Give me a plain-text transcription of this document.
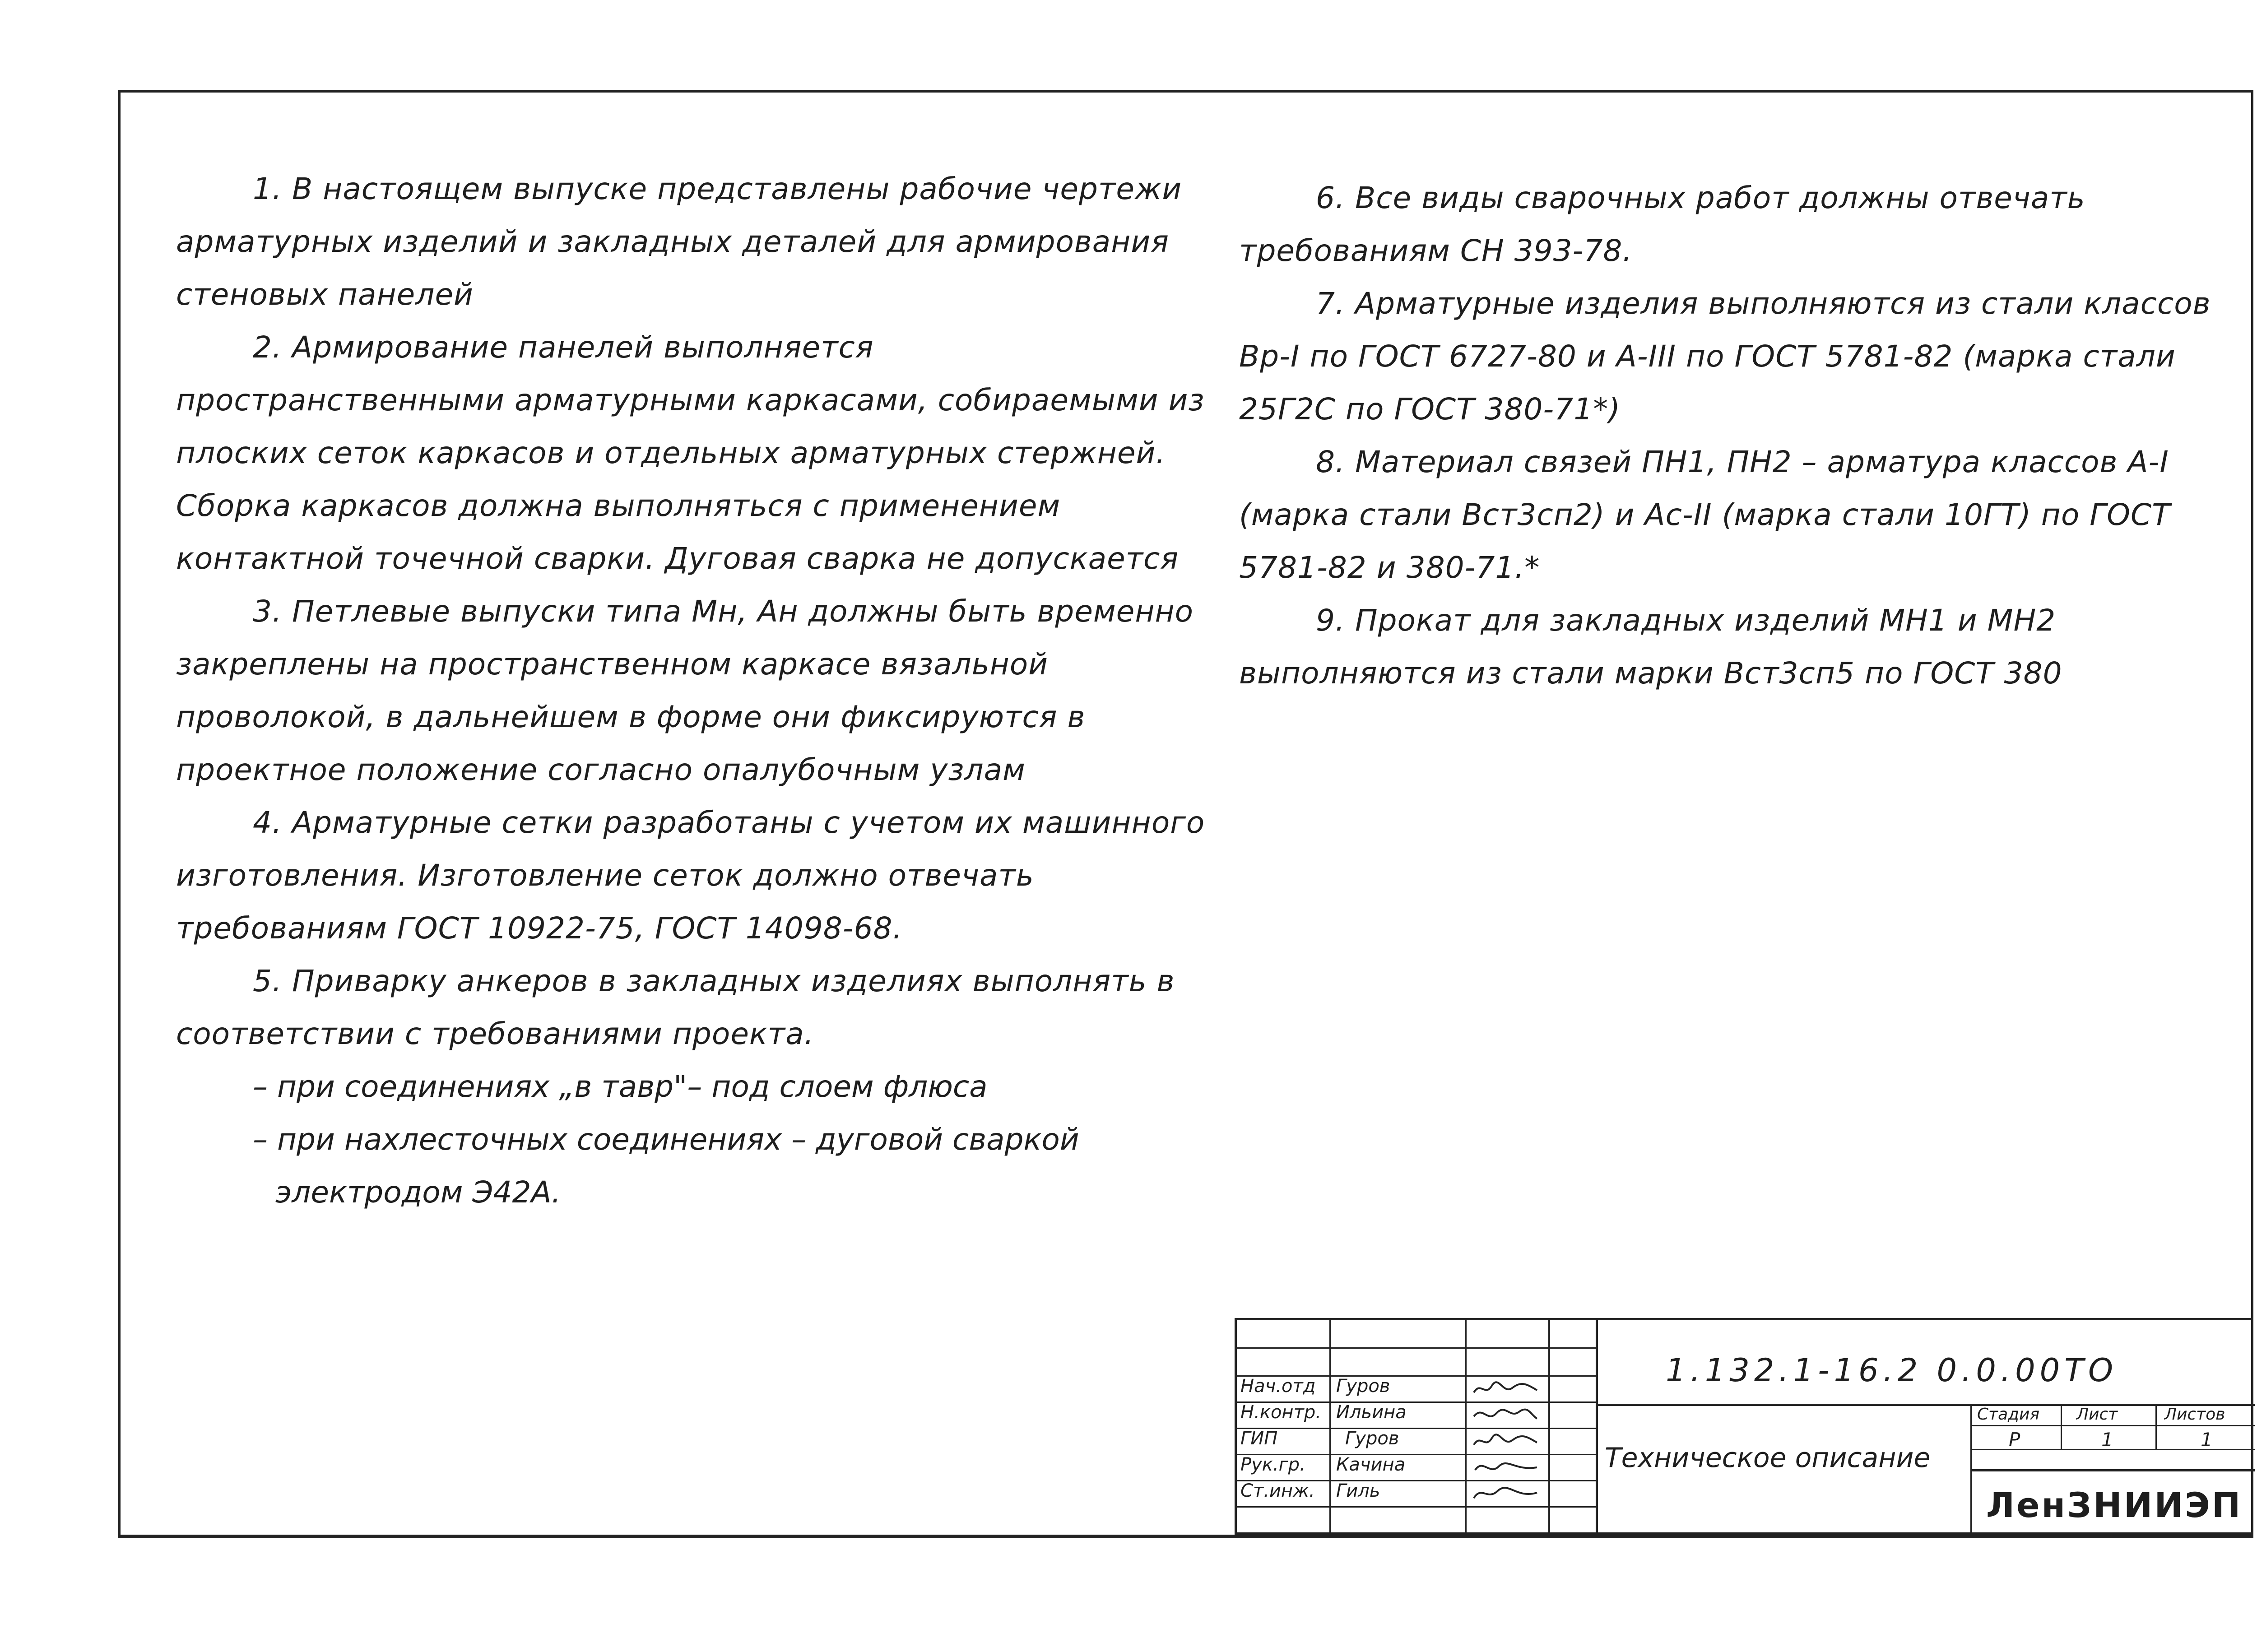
1. В настоящем выпуске представлены рабочие чертежи арматурных изделий и закладных деталей для армирования стеновых панелей

2. Армирование панелей выполняется пространственными арматурными каркасами, собираемыми из плоских сеток каркасов и отдельных арматурных стержней. Сборка каркасов должна выполняться с применением контактной точечной сварки. Дуговая сварка не допускается

3. Петлевые выпуски типа Мн, Ан должны быть временно закреплены на пространственном каркасе вязальной проволокой, в дальнейшем в форме они фиксируются в проектное положение согласно опалубочным узлам

4. Арматурные сетки разработаны с учетом их машинного изготовления. Изготовление сеток должно отвечать требованиям ГОСТ 10922-75, ГОСТ 14098-68.

5. Приварку анкеров в закладных изделиях выполнять в соответствии с требованиями проекта.

– при соединениях „в тавр"– под слоем флюса

– при нахлесточных соединениях – дуговой сваркой

электродом Э42А.

6. Все виды сварочных работ должны отвечать требованиям СН 393-78.

7. Арматурные изделия выполняются из стали классов Вр-I по ГОСТ 6727-80 и А-III по ГОСТ 5781-82 (марка стали 25Г2С по ГОСТ 380-71*)

8. Материал связей ПН1, ПН2 – арматура классов А-I (марка стали Вст3сп2) и Ас-II (марка стали 10ГТ) по ГОСТ 5781-82 и 380-71.*

9. Прокат для закладных изделий МН1 и МН2 выполняются из стали марки Вст3сп5 по ГОСТ 380

Нач.отд Гуров
Н.контр. Ильина
ГИП	Гуров
Рук.гр. Качина
Ст.инж. Гиль
1.132.1-16.2 0.0.00ТО
Техническое описание
Стадия Лист	Листов
Р	1	1
ЛенЗНИИЭП
